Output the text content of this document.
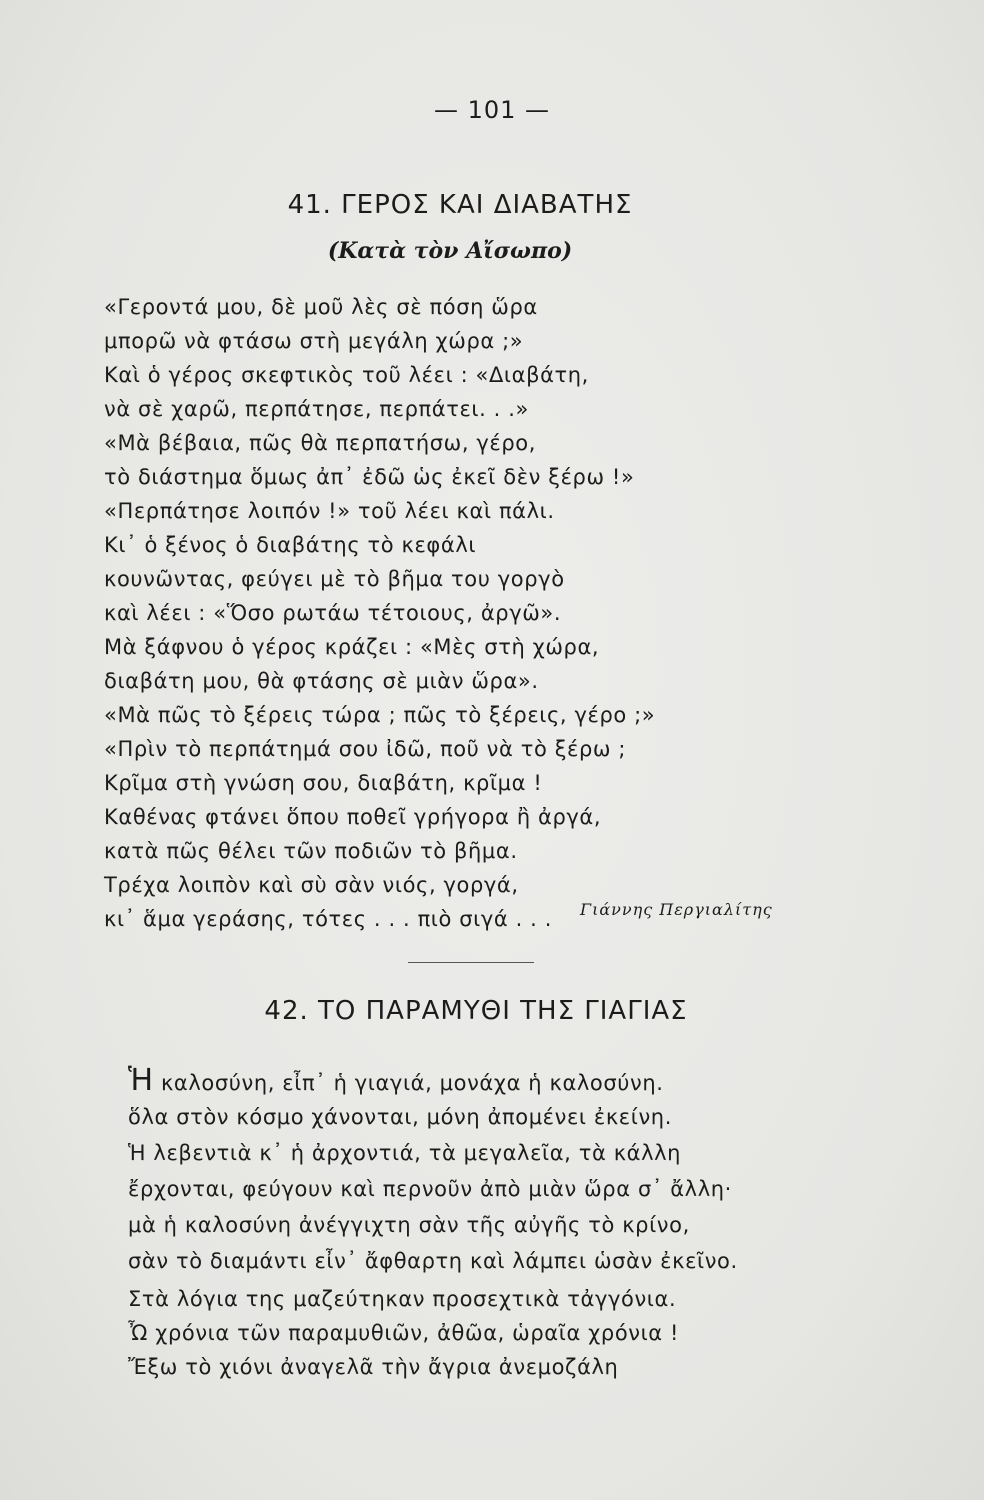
— 101 —
41. ΓΕΡΟΣ ΚΑΙ ΔΙΑΒΑΤΗΣ
(Κατὰ τὸν Αἴσωπο)
«Γεροντά μου, δὲ μοῦ λὲς σὲ πόση ὥρα
μπορῶ νὰ φτάσω στὴ μεγάλη χώρα ;»
Καὶ ὁ γέρος σκεφτικὸς τοῦ λέει : «Διαβάτη,
νὰ σὲ χαρῶ, περπάτησε, περπάτει. . .»
«Μὰ βέβαια, πῶς θὰ περπατήσω, γέρο,
τὸ διάστημα ὅμως ἀπ᾽ ἐδῶ ὡς ἐκεῖ δὲν ξέρω !»
«Περπάτησε λοιπόν !» τοῦ λέει καὶ πάλι.
Κι᾽ ὁ ξένος ὁ διαβάτης τὸ κεφάλι
κουνῶντας, φεύγει μὲ τὸ βῆμα του γοργὸ
καὶ λέει : «Ὅσο ρωτάω τέτοιους, ἀργῶ».
Μὰ ξάφνου ὁ γέρος κράζει : «Μὲς στὴ χώρα,
διαβάτη μου, θὰ φτάσης σὲ μιὰν ὥρα».
«Μὰ πῶς τὸ ξέρεις τώρα ; πῶς τὸ ξέρεις, γέρο ;»
«Πρὶν τὸ περπάτημά σου ἰδῶ, ποῦ νὰ τὸ ξέρω ;
Κρῖμα στὴ γνώση σου, διαβάτη, κρῖμα !
Καθένας φτάνει ὅπου ποθεῖ γρήγορα ἢ ἀργά,
κατὰ πῶς θέλει τῶν ποδιῶν τὸ βῆμα.
Τρέχα λοιπὸν καὶ σὺ σὰν νιός, γοργά,
κι᾽ ἅμα γεράσης, τότες . . . πιὸ σιγά . . .	Γιάννης Περγιαλίτης
42. ΤΟ ΠΑΡΑΜΥΘΙ ΤΗΣ ΓΙΑΓΙΑΣ
Ἡ καλοσύνη, εἶπ᾽ ἡ γιαγιά, μονάχα ἡ καλοσύνη.
ὅλα στὸν κόσμο χάνονται, μόνη ἀπομένει ἐκείνη.
Ἡ λεβεντιὰ κ᾽ ἡ ἀρχοντιά, τὰ μεγαλεῖα, τὰ κάλλη
ἔρχονται, φεύγουν καὶ περνοῦν ἀπὸ μιὰν ὥρα σ᾽ ἄλλη·
μὰ ἡ καλοσύνη ἀνέγγιχτη σὰν τῆς αὐγῆς τὸ κρίνο,
σὰν τὸ διαμάντι εἶν᾽ ἄφθαρτη καὶ λάμπει ὡσὰν ἐκεῖνο.
Στὰ λόγια της μαζεύτηκαν προσεχτικὰ τἀγγόνια.
Ὦ χρόνια τῶν παραμυθιῶν, ἀθῶα, ὡραῖα χρόνια !
Ἔξω τὸ χιόνι ἀναγελᾶ τὴν ἄγρια ἀνεμοζάλη
